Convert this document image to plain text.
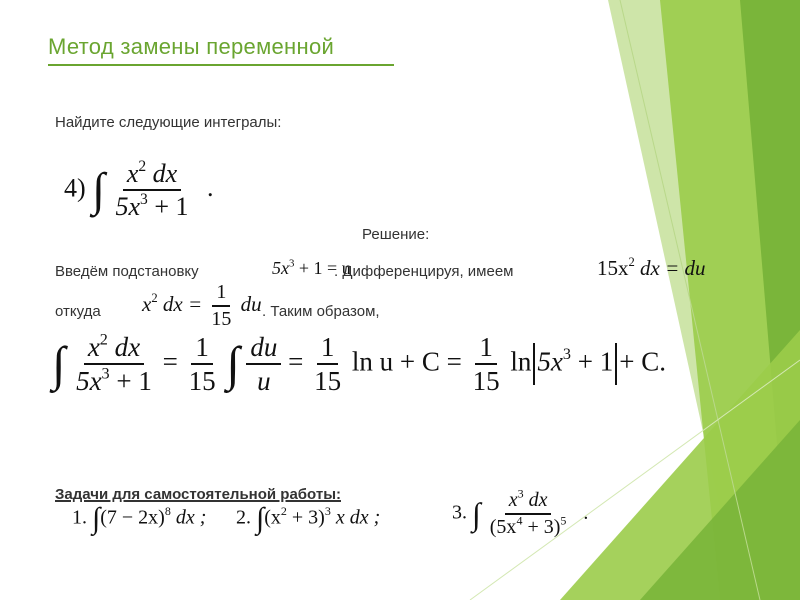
Метод замены переменной
Найдите следующие интегралы:
4) ∫ $\frac{x^2 dx}{5x^3 + 1}$ .
Решение:
Введём подстановку	$5x^3 + 1 = u$
. Дифференцируя, имеем	$15x^2$ dx = du
откуда $x^2$ dx = $\frac{1}{15}$ du . Таким образом,
∫ $\frac{x^2 dx}{5x^3 + 1} = \frac{1}{15}$ ∫ $\frac{du}{u} = \frac{1}{15}$ $\ln u + C = \frac{1}{15}$ $\ln 5x^3 + 1 + C$.
Задачи для самостоятельной работы:
1. $\int(7 - 2x)^8$ dx ; 2. $\int(x^2 + 3)^3$ x dx ;	3. ∫ $\frac{x^3 dx}{(5x^4 + 3)^5}$ .
